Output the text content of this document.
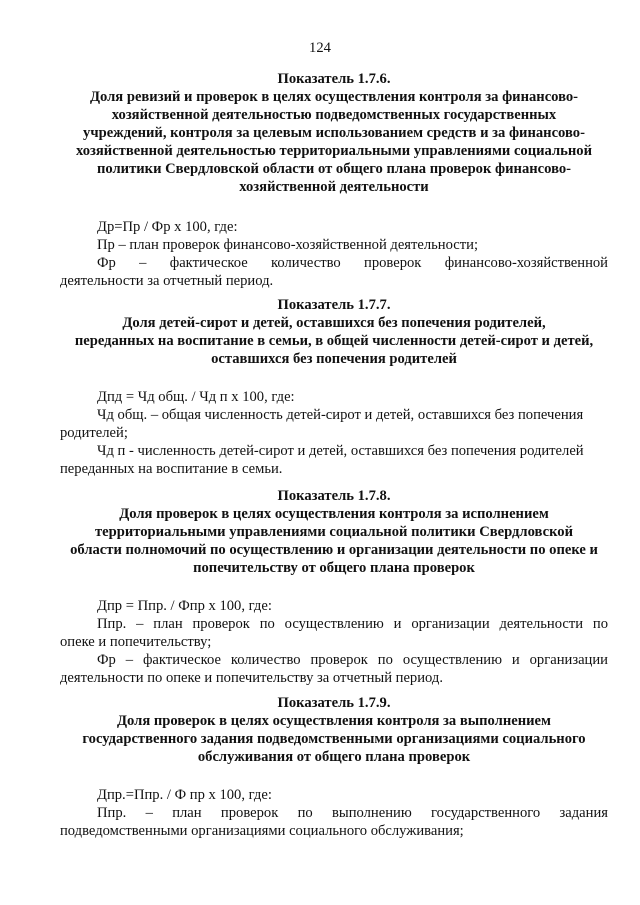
124
Показатель 1.7.6.
Доля ревизий и проверок в целях осуществления контроля за финансово-
хозяйственной деятельностью подведомственных государственных
учреждений, контроля за целевым использованием средств и за финансово-
хозяйственной деятельностью территориальными управлениями социальной
политики Свердловской области от общего плана проверок финансово-
хозяйственной деятельности

Др=Пр / Фр х 100, где:

Пр – план проверок финансово-хозяйственной деятельности;

Фр – фактическое количество проверок финансово-хозяйственной

деятельности за отчетный период.

Показатель 1.7.7.
Доля детей-сирот и детей, оставшихся без попечения родителей,
переданных на воспитание в семьи, в общей численности детей-сирот и детей,
оставшихся без попечения родителей

Дпд = Чд общ. / Чд п х 100, где:

Чд общ. – общая численность детей-сирот и детей, оставшихся без попечения

родителей;

Чд п - численность детей-сирот и детей, оставшихся без попечения родителей

переданных на воспитание в семьи.

Показатель 1.7.8.
Доля проверок в целях осуществления контроля за исполнением
территориальными управлениями социальной политики Свердловской
области полномочий по осуществлению и организации деятельности по опеке и
попечительству от общего плана проверок

Дпр = Ппр. / Фпр х 100, где:

Ппр. – план проверок по осуществлению и организации деятельности по

опеке и попечительству;

Фр – фактическое количество проверок по осуществлению и организации

деятельности по опеке и попечительству за отчетный период.

Показатель 1.7.9.
Доля проверок в целях осуществления контроля за выполнением
государственного задания подведомственными организациями социального
обслуживания от общего плана проверок

Дпр.=Ппр. / Ф пр х 100, где:

Ппр. – план проверок по выполнению государственного задания

подведомственными организациями социального обслуживания;
